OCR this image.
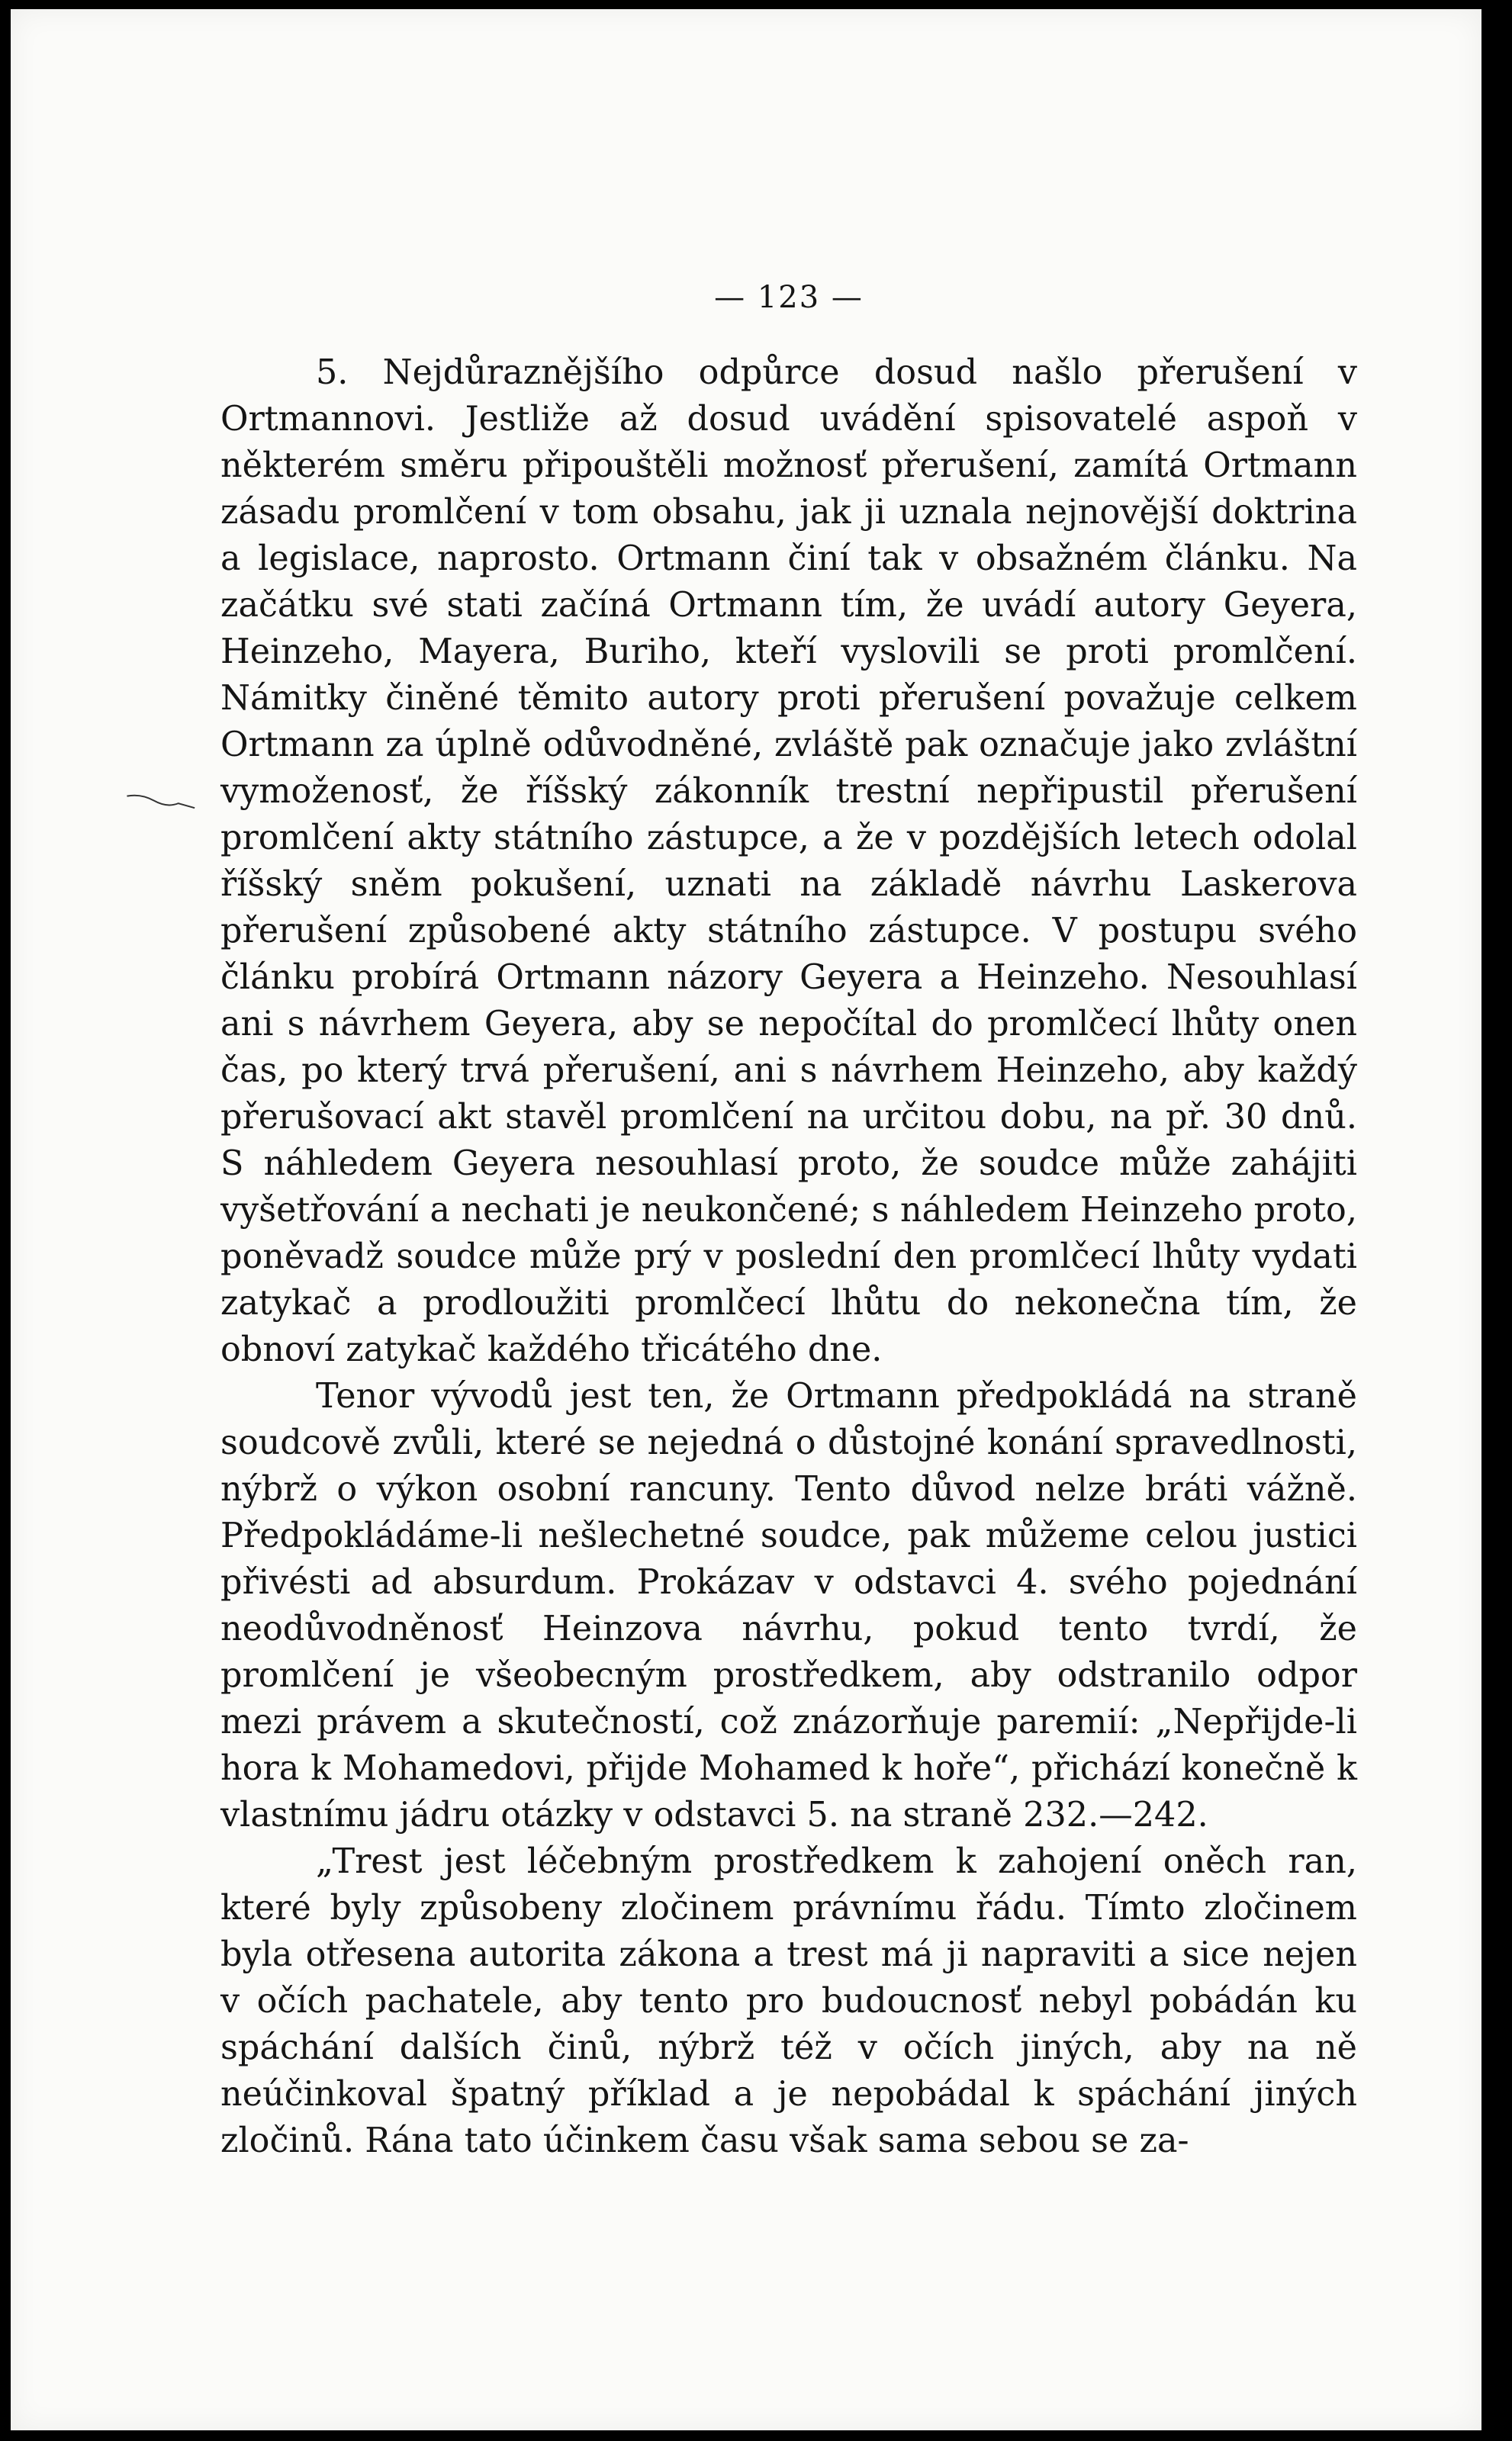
— 123 —

5. Nejdůraznějšího odpůrce dosud našlo přerušení v Ortmannovi. Jestliže až dosud uvádění spisovatelé aspoň v některém směru připouštěli možnosť přerušení, zamítá Ortmann zásadu promlčení v tom obsahu, jak ji uznala nejnovější doktrina a legislace, naprosto. Ortmann činí tak v obsažném článku. Na začátku své stati začíná Ortmann tím, že uvádí autory Geyera, Heinzeho, Mayera, Buriho, kteří vyslovili se proti promlčení. Námitky činěné těmito autory proti přerušení považuje celkem Ortmann za úplně odůvodněné, zvláště pak označuje jako zvláštní vymoženosť, že říšský zákonník trestní nepřipustil přerušení promlčení akty státního zástupce, a že v pozdějších letech odolal říšský sněm pokušení, uznati na základě návrhu Laskerova přerušení způsobené akty státního zástupce. V postupu svého článku probírá Ortmann názory Geyera a Heinzeho. Nesouhlasí ani s návrhem Geyera, aby se nepočítal do promlčecí lhůty onen čas, po který trvá přerušení, ani s návrhem Heinzeho, aby každý přerušovací akt stavěl promlčení na určitou dobu, na př. 30 dnů. S náhledem Geyera nesouhlasí proto, že soudce může zahájiti vyšetřování a nechati je neukončené; s náhledem Heinzeho proto, poněvadž soudce může prý v poslední den promlčecí lhůty vydati zatykač a prodloužiti promlčecí lhůtu do nekonečna tím, že obnoví zatykač každého třicátého dne.

Tenor vývodů jest ten, že Ortmann předpokládá na straně soudcově zvůli, které se nejedná o důstojné konání spravedlnosti, nýbrž o výkon osobní rancuny. Tento důvod nelze bráti vážně. Předpokládáme-li nešlechetné soudce, pak můžeme celou justici přivésti ad absurdum. Prokázav v odstavci 4. svého pojednání neodůvodněnosť Heinzova návrhu, pokud tento tvrdí, že promlčení je všeobecným prostředkem, aby odstranilo odpor mezi právem a skutečností, což znázorňuje paremií: „Nepřijde-li hora k Mohamedovi, přijde Mohamed k hoře“, přichází konečně k vlastnímu jádru otázky v odstavci 5. na straně 232.—242.

„Trest jest léčebným prostředkem k zahojení oněch ran, které byly způsobeny zločinem právnímu řádu. Tímto zločinem byla otřesena autorita zákona a trest má ji napraviti a sice nejen v očích pachatele, aby tento pro budoucnosť nebyl pobádán ku spáchání dalších činů, nýbrž též v očích jiných, aby na ně neúčinkoval špatný příklad a je nepobádal k spáchání jiných zločinů. Rána tato účinkem času však sama sebou se za-
